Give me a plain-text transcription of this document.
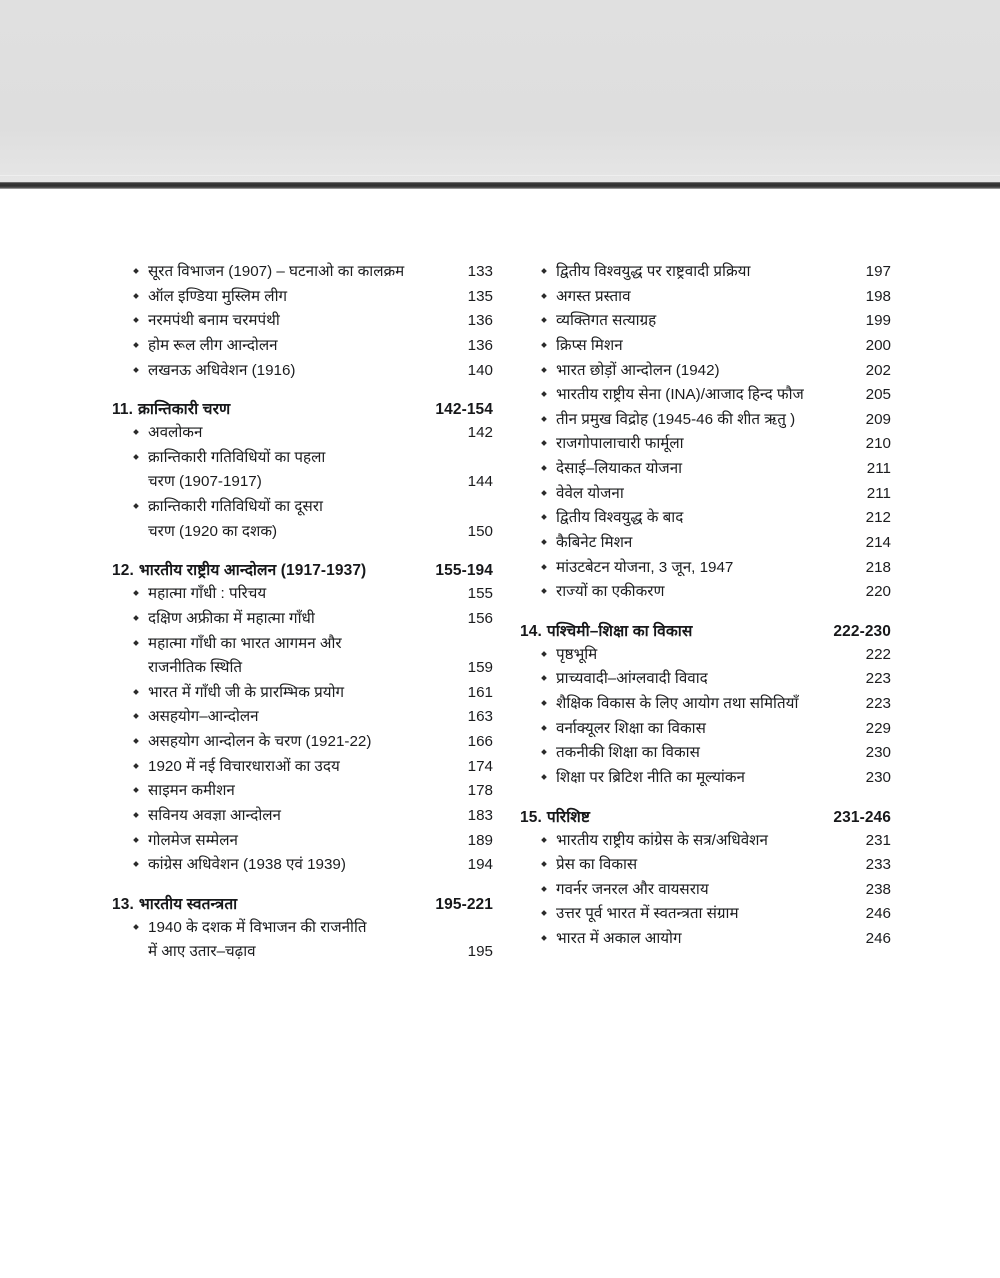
सूरत विभाजन (1907) – घटनाओ का कालक्रम	133
ऑल इण्डिया मुस्लिम लीग	135
नरमपंथी बनाम चरमपंथी	136
होम रूल लीग आन्दोलन	136
लखनऊ अधिवेशन (1916)	140
11. क्रान्तिकारी चरण	142-154
अवलोकन	142
क्रान्तिकारी गतिविधियों का पहला
चरण (1907-1917)	144
क्रान्तिकारी गतिविधियों का दूसरा
चरण (1920 का दशक)	150
12. भारतीय राष्ट्रीय आन्दोलन (1917-1937)	155-194
महात्मा गाँधी : परिचय	155
दक्षिण अफ्रीका में महात्मा गाँधी	156
महात्मा गाँधी का भारत आगमन और
राजनीतिक स्थिति	159
भारत में गाँधी जी के प्रारम्भिक प्रयोग	161
असहयोग–आन्दोलन	163
असहयोग आन्दोलन के चरण (1921-22)	166
1920 में नई विचारधाराओं का उदय	174
साइमन कमीशन	178
सविनय अवज्ञा आन्दोलन	183
गोलमेज सम्मेलन	189
कांग्रेस अधिवेशन (1938 एवं 1939)	194
13. भारतीय स्वतन्त्रता	195-221
1940 के दशक में विभाजन की राजनीति
में आए उतार–चढ़ाव	195
द्वितीय विश्वयुद्ध पर राष्ट्रवादी प्रक्रिया	197
अगस्त प्रस्ताव	198
व्यक्तिगत सत्याग्रह	199
क्रिप्स मिशन	200
भारत छोड़ों आन्दोलन (1942)	202
भारतीय राष्ट्रीय सेना (INA)/आजाद हिन्द फौज	205
तीन प्रमुख विद्रोह (1945-46 की शीत ऋतु )	209
राजगोपालाचारी फार्मूला	210
देसाई–लियाकत योजना	211
वेवेल योजना	211
द्वितीय विश्वयुद्ध के बाद	212
कैबिनेट मिशन	214
मांउटबेटन योजना, 3 जून, 1947	218
राज्यों का एकीकरण	220
14. पश्चिमी–शिक्षा का विकास	222-230
पृष्ठभूमि	222
प्राच्यवादी–आंग्लवादी विवाद	223
शैक्षिक विकास के लिए आयोग तथा समितियाँ	223
वर्नाक्यूलर शिक्षा का विकास	229
तकनीकी शिक्षा का विकास	230
शिक्षा पर ब्रिटिश नीति का मूल्यांकन	230
15. परिशिष्ट	231-246
भारतीय राष्ट्रीय कांग्रेस के सत्र/अधिवेशन	231
प्रेस का विकास	233
गवर्नर जनरल और वायसराय	238
उत्तर पूर्व भारत में स्वतन्त्रता संग्राम	246
भारत में अकाल आयोग	246
